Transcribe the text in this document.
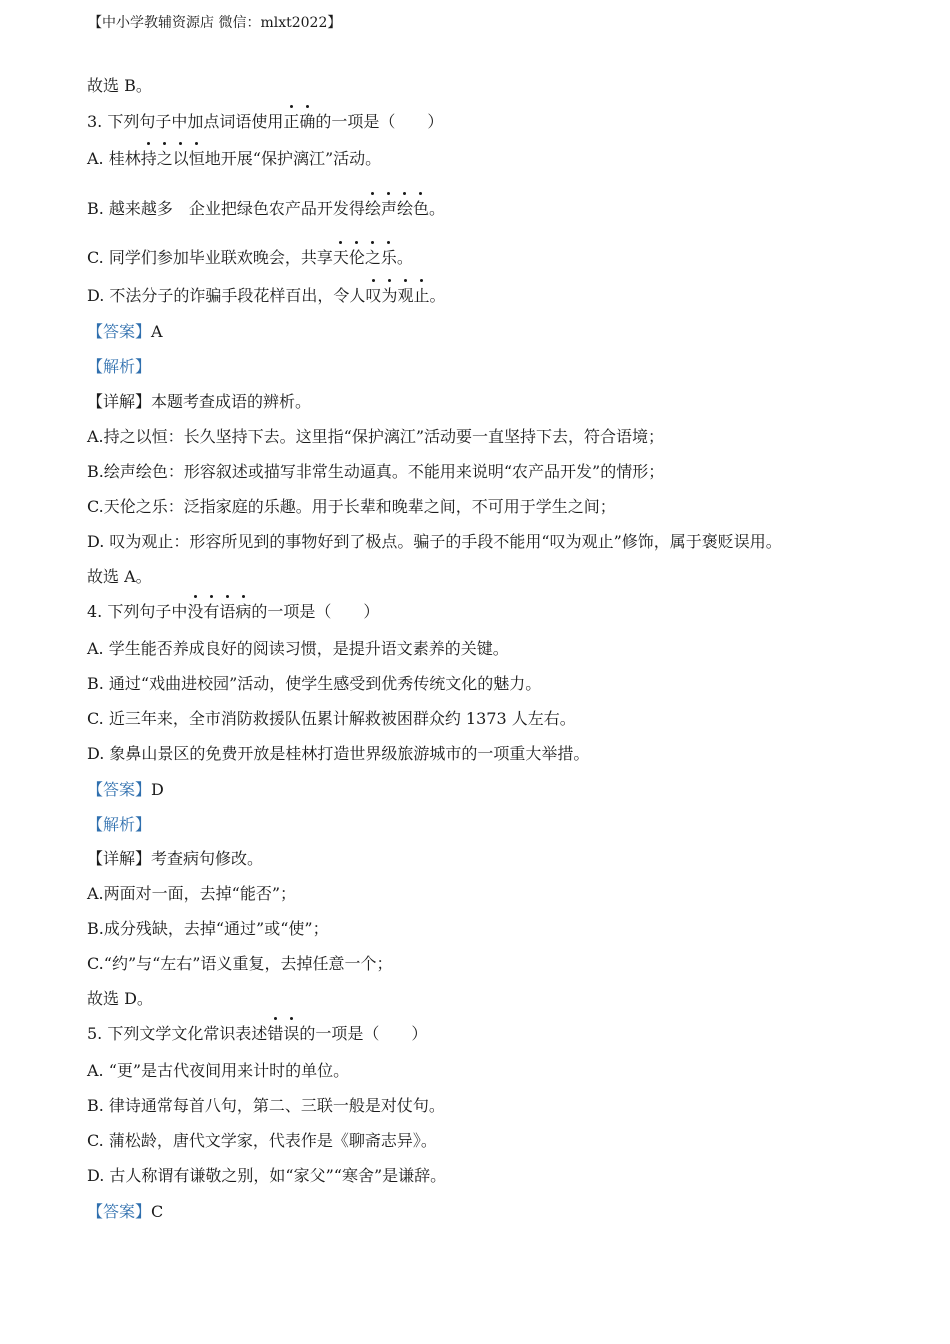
【中小学教辅资源店 微信：mlxt2022】
故选 B。
3. 下列句子中加点词语使用正确的一项是（　　）
A. 桂林持之以恒地开展“保护漓江”活动。
B. 越来越多　企业把绿色农产品开发得绘声绘色。
C. 同学们参加毕业联欢晚会，共享天伦之乐。
D. 不法分子的诈骗手段花样百出，令人叹为观止。
【答案】A
【解析】
【详解】本题考查成语的辨析。
A.持之以恒：长久坚持下去。这里指“保护漓江”活动要一直坚持下去，符合语境；
B.绘声绘色：形容叙述或描写非常生动逼真。不能用来说明“农产品开发”的情形；
C.天伦之乐：泛指家庭的乐趣。用于长辈和晚辈之间，不可用于学生之间；
D. 叹为观止：形容所见到的事物好到了极点。骗子的手段不能用“叹为观止”修饰，属于褒贬误用。
故选 A。
4. 下列句子中没有语病的一项是（　　）
A. 学生能否养成良好的阅读习惯，是提升语文素养的关键。
B. 通过“戏曲进校园”活动，使学生感受到优秀传统文化的魅力。
C. 近三年来，全市消防救援队伍累计解救被困群众约 1373 人左右。
D. 象鼻山景区的免费开放是桂林打造世界级旅游城市的一项重大举措。
【答案】D
【解析】
【详解】考查病句修改。
A.两面对一面，去掉“能否”；
B.成分残缺，去掉“通过”或“使”；
C.“约”与“左右”语义重复，去掉任意一个；
故选 D。
5. 下列文学文化常识表述错误的一项是（　　）
A. “更”是古代夜间用来计时的单位。
B. 律诗通常每首八句，第二、三联一般是对仗句。
C. 蒲松龄，唐代文学家，代表作是《聊斋志异》。
D. 古人称谓有谦敬之别，如“家父”“寒舍”是谦辞。
【答案】C
